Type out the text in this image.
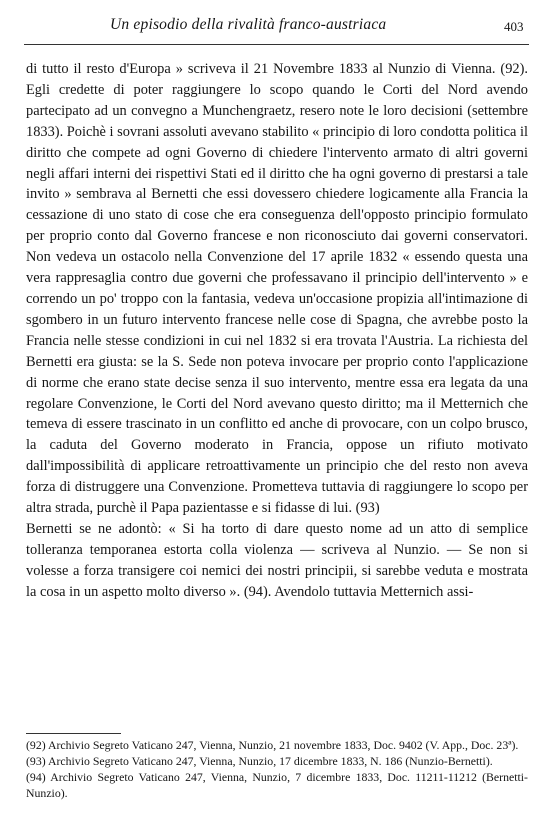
Un episodio della rivalità franco-austriaca	403

di tutto il resto d'Europa » scriveva il 21 Novembre 1833 al Nunzio di Vienna. (92). Egli credette di poter raggiungere lo scopo quando le Corti del Nord avendo partecipato ad un convegno a Munchengraetz, resero note le loro decisioni (settembre 1833). Poichè i sovrani assoluti avevano stabilito « principio di loro condotta politica il diritto che compete ad ogni Governo di chiedere l'intervento armato di altri governi negli affari interni dei rispettivi Stati ed il diritto che ha ogni governo di prestarsi a tale invito » sembrava al Bernetti che essi dovessero chiedere logicamente alla Francia la cessazione di uno stato di cose che era conseguenza dell'opposto principio formulato per proprio conto dal Governo francese e non riconosciuto dai governi conservatori. Non vedeva un ostacolo nella Convenzione del 17 aprile 1832 « essendo questa una vera rappresaglia contro due governi che professavano il principio dell'intervento » e correndo un po' troppo con la fantasia, vedeva un'occasione propizia all'intimazione di sgombero in un futuro intervento francese nelle cose di Spagna, che avrebbe posto la Francia nelle stesse condizioni in cui nel 1832 si era trovata l'Austria. La richiesta del Bernetti era giusta: se la S. Sede non poteva invocare per proprio conto l'applicazione di norme che erano state decise senza il suo intervento, mentre essa era legata da una regolare Convenzione, le Corti del Nord avevano questo diritto; ma il Metternich che temeva di essere trascinato in un conflitto ed anche di provocare, con un colpo brusco, la caduta del Governo moderato in Francia, oppose un rifiuto motivato dall'impossibilità di applicare retroattivamente un principio che del resto non aveva forza di distruggere una Convenzione. Prometteva tuttavia di raggiungere lo scopo per altra strada, purchè il Papa pazientasse e si fidasse di lui. (93)

Bernetti se ne adontò: « Si ha torto di dare questo nome ad un atto di semplice tolleranza temporanea estorta colla violenza — scriveva al Nunzio. — Se non si volesse a forza transigere coi nemici dei nostri principii, si sarebbe veduta e mostrata la cosa in un aspetto molto diverso ». (94). Avendolo tuttavia Metternich assi-

(92) Archivio Segreto Vaticano 247, Vienna, Nunzio, 21 novembre 1833, Doc. 9402 (V. App., Doc. 23ª).

(93) Archivio Segreto Vaticano 247, Vienna, Nunzio, 17 dicembre 1833, N. 186 (Nunzio-Bernetti).

(94) Archivio Segreto Vaticano 247, Vienna, Nunzio, 7 dicembre 1833, Doc. 11211-11212 (Bernetti-Nunzio).
